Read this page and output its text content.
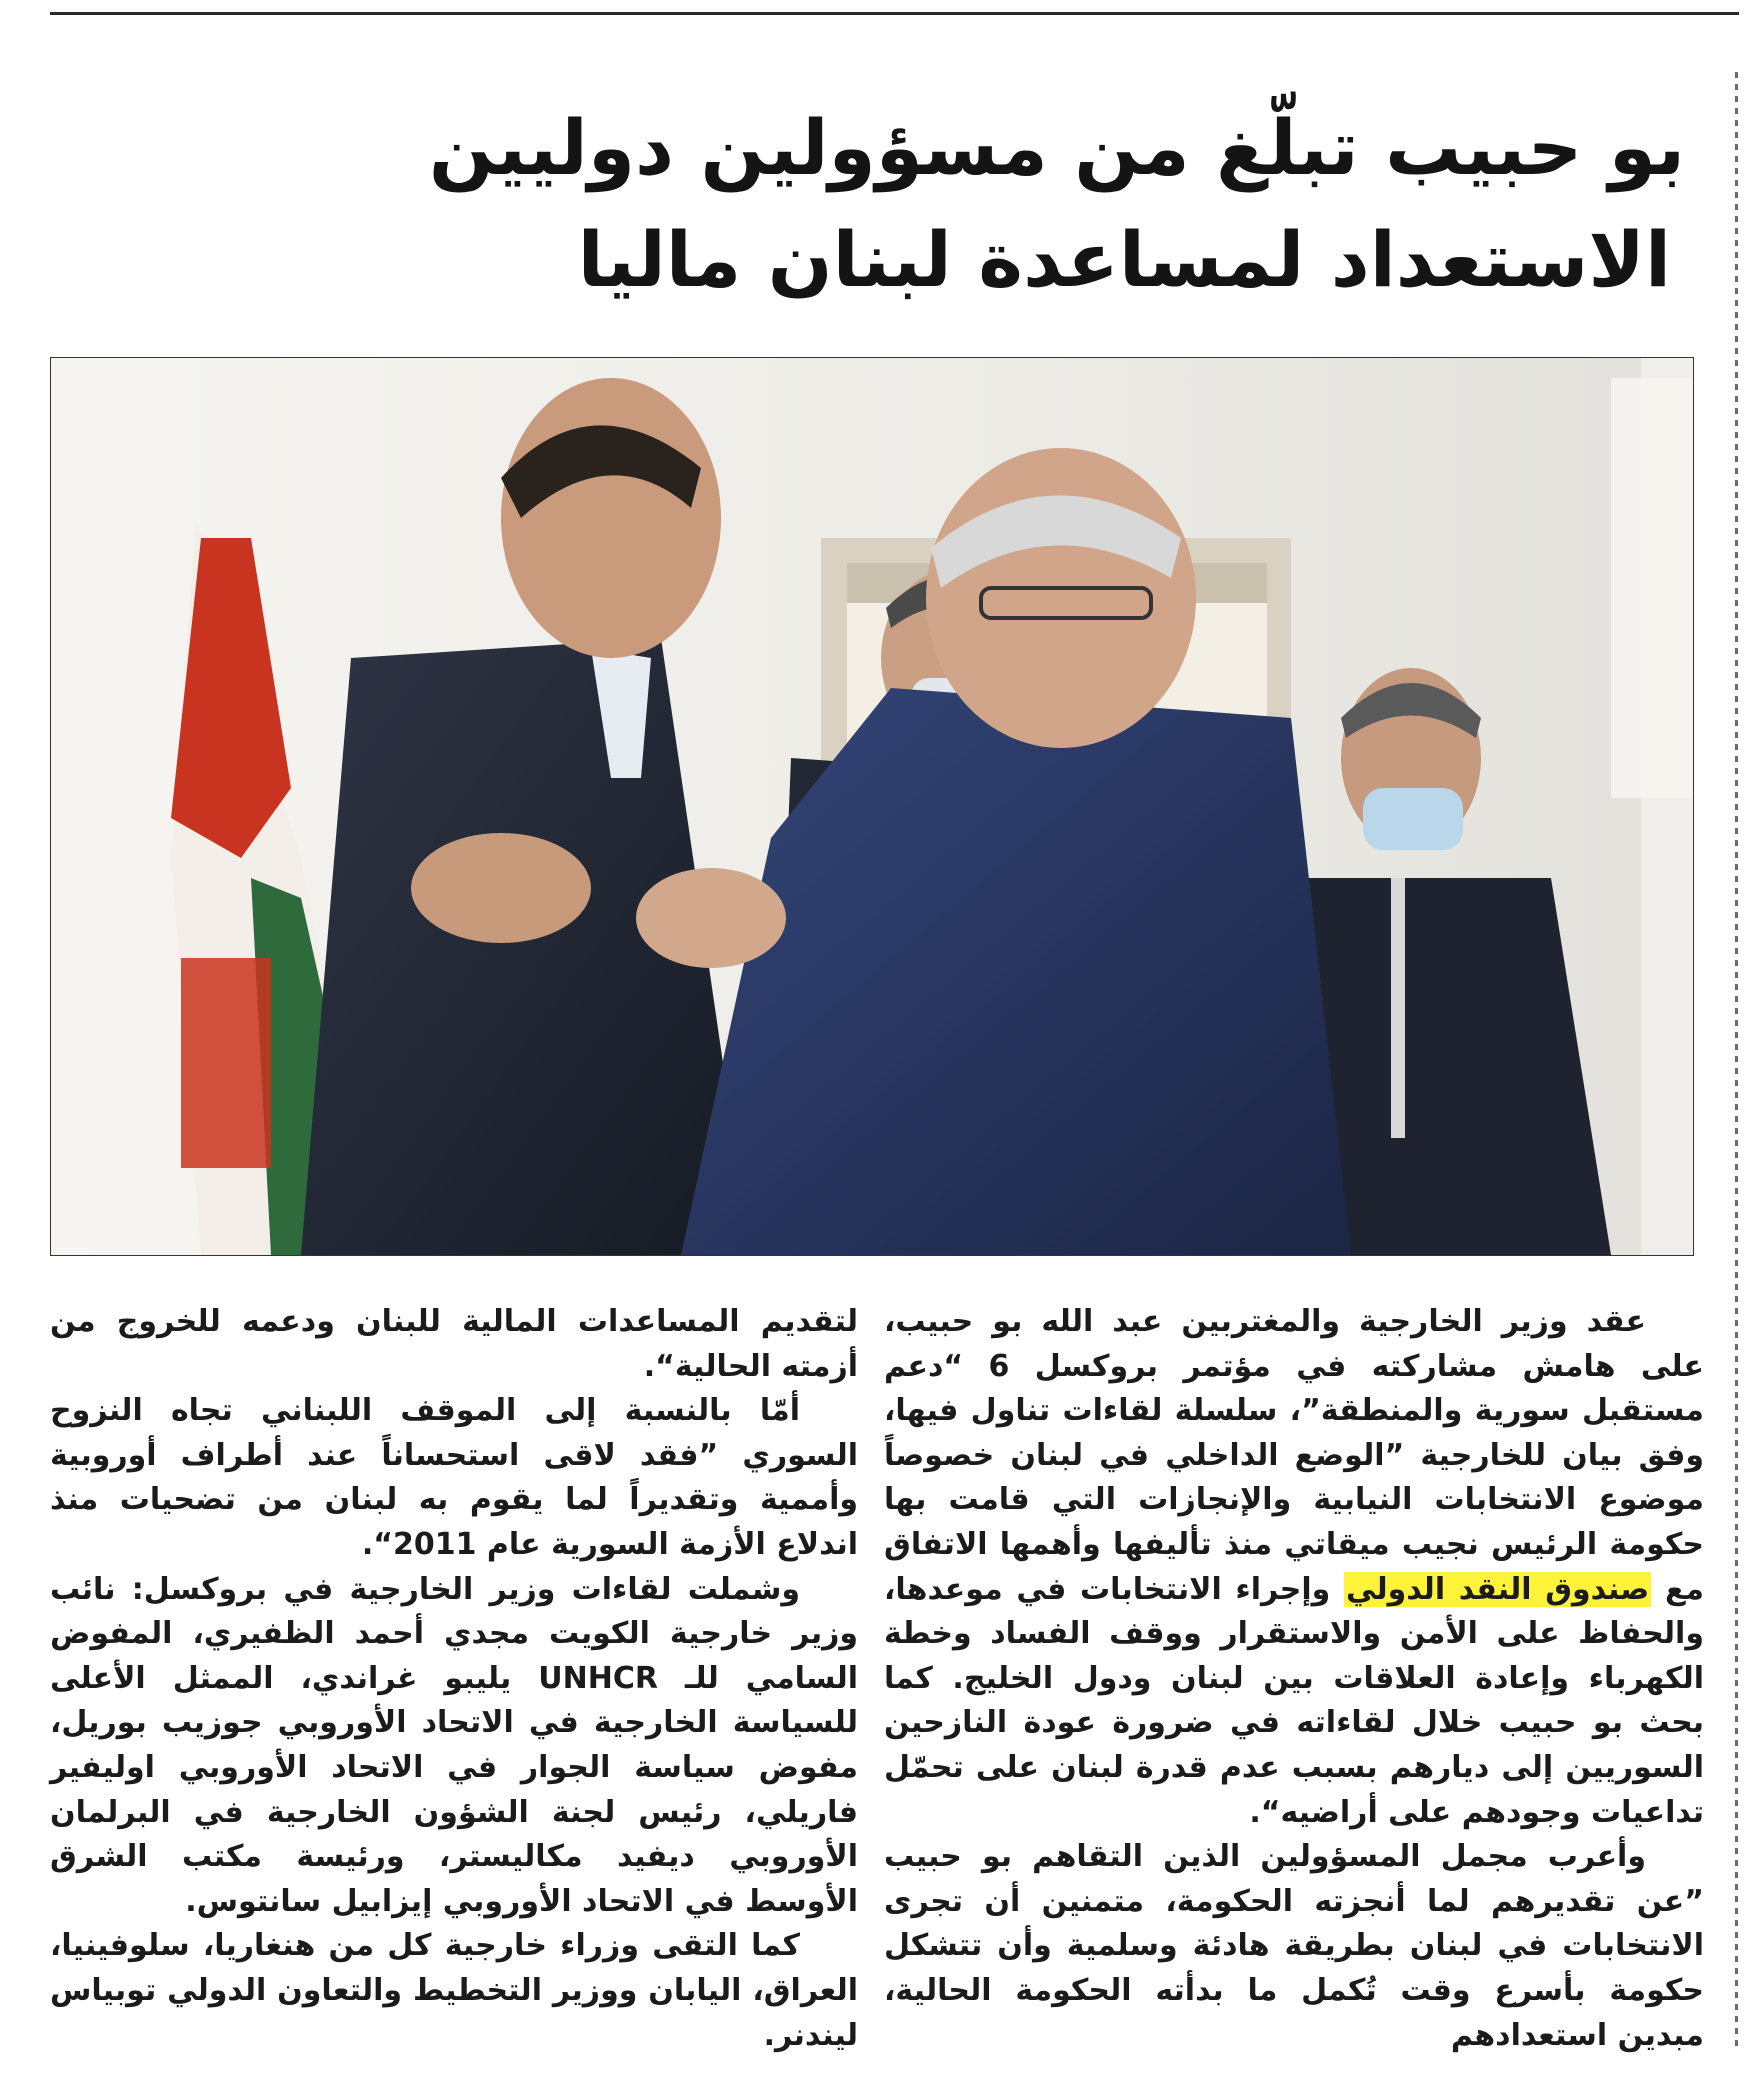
بو حبيب تبلّغ من مسؤولين دوليين
الاستعداد لمساعدة لبنان ماليا

عقد وزير الخارجية والمغتربين عبد الله بو حبيب، على هامش مشاركته في مؤتمر بروكسل 6 “دعم مستقبل سورية والمنطقة”، سلسلة لقاءات تناول فيها، وفق بيان للخارجية ”الوضع الداخلي في لبنان خصوصاً موضوع الانتخابات النيابية والإنجازات التي قامت بها حكومة الرئيس نجيب ميقاتي منذ تأليفها وأهمها الاتفاق مع صندوق النقد الدولي وإجراء الانتخابات في موعدها، والحفاظ على الأمن والاستقرار ووقف الفساد وخطة الكهرباء وإعادة العلاقات بين لبنان ودول الخليج. كما بحث بو حبيب خلال لقاءاته في ضرورة عودة النازحين السوريين إلى ديارهم بسبب عدم قدرة لبنان على تحمّل تداعيات وجودهم على أراضيه“.

وأعرب مجمل المسؤولين الذين التقاهم بو حبيب ”عن تقديرهم لما أنجزته الحكومة، متمنين أن تجرى الانتخابات في لبنان بطريقة هادئة وسلمية وأن تتشكل حكومة بأسرع وقت تُكمل ما بدأته الحكومة الحالية، مبدين استعدادهم

لتقديم المساعدات المالية للبنان ودعمه للخروج من أزمته الحالية“.

أمّا بالنسبة إلى الموقف اللبناني تجاه النزوح السوري ”فقد لاقى استحساناً عند أطراف أوروبية وأممية وتقديراً لما يقوم به لبنان من تضحيات منذ اندلاع الأزمة السورية عام 2011“.

وشملت لقاءات وزير الخارجية في بروكسل: نائب وزير خارجية الكويت مجدي أحمد الظفيري، المفوض السامي للـ UNHCR يليبو غراندي، الممثل الأعلى للسياسة الخارجية في الاتحاد الأوروبي جوزيب بوريل، مفوض سياسة الجوار في الاتحاد الأوروبي اوليفير فاريلي، رئيس لجنة الشؤون الخارجية في البرلمان الأوروبي ديفيد مكاليستر، ورئيسة مكتب الشرق الأوسط في الاتحاد الأوروبي إيزابيل سانتوس.

كما التقى وزراء خارجية كل من هنغاريا، سلوفينيا، العراق، اليابان ووزير التخطيط والتعاون الدولي توبياس ليندنر.
